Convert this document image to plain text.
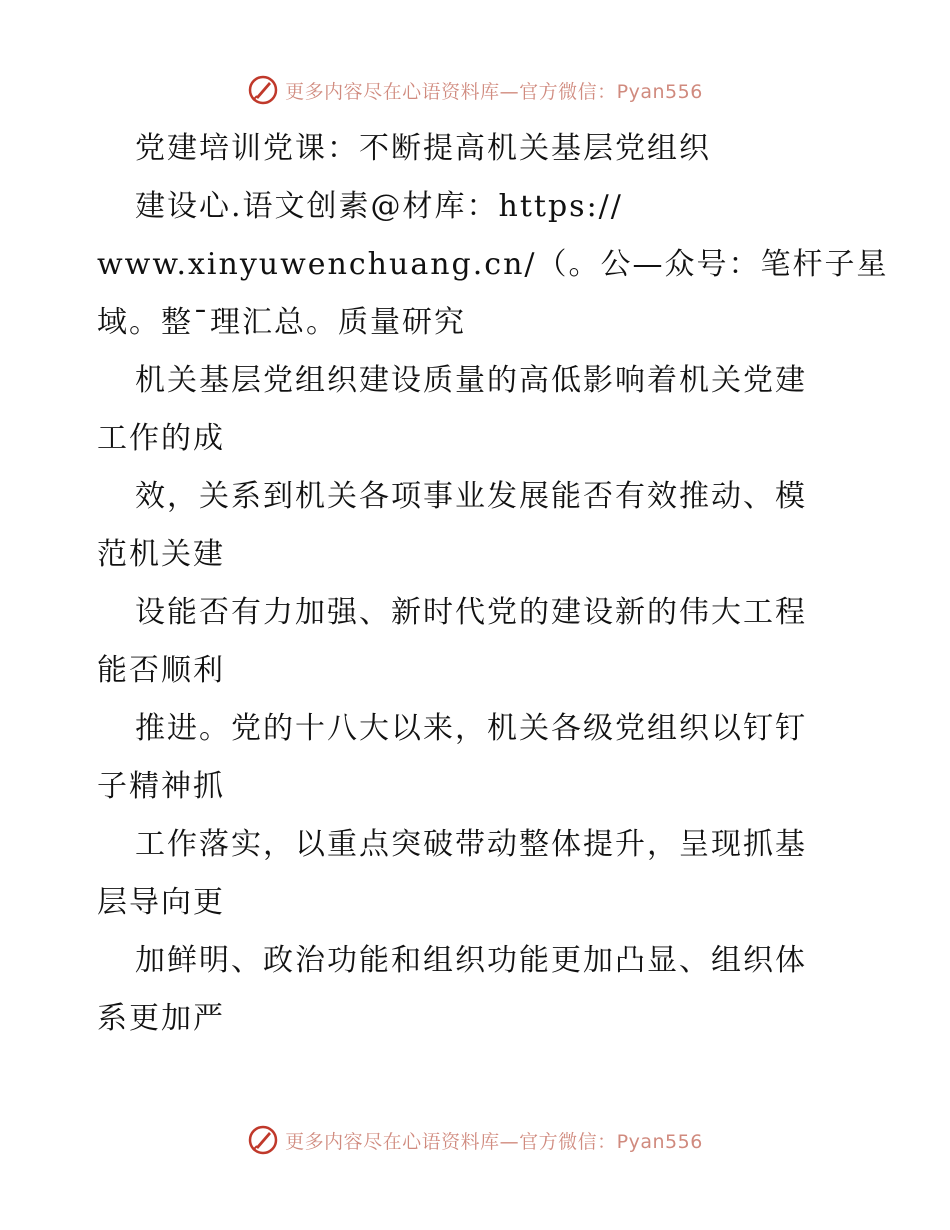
更多内容尽在心语资料库—官方微信：Pyan556
党建培训党课：不断提高机关基层党组织
建设心.语文创素@材库：https://
www.xinyuwenchuang.cn/（。公—众号：笔杆子星
域。整¯理汇总。质量研究
机关基层党组织建设质量的高低影响着机关党建
工作的成
效，关系到机关各项事业发展能否有效推动、模
范机关建
设能否有力加强、新时代党的建设新的伟大工程
能否顺利
推进。党的十八大以来，机关各级党组织以钉钉
子精神抓
工作落实，以重点突破带动整体提升，呈现抓基
层导向更
加鲜明、政治功能和组织功能更加凸显、组织体
系更加严
更多内容尽在心语资料库—官方微信：Pyan556
